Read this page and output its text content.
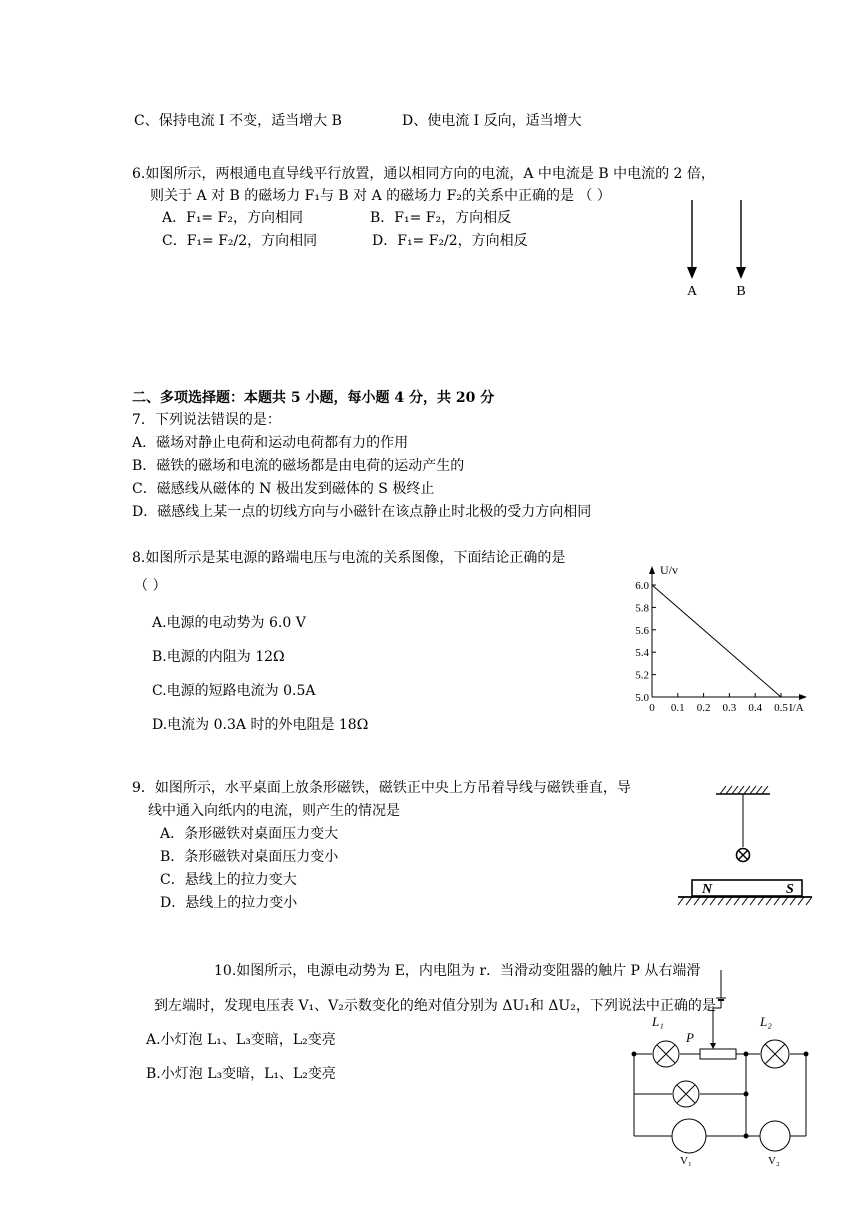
C、保持电流 I 不变，适当增大 B	D、使电流 I 反向，适当增大
6.如图所示，两根通电直导线平行放置，通以相同方向的电流，A 中电流是 B 中电流的 2 倍，
则关于 A 对 B 的磁场力 F₁与 B 对 A 的磁场力 F₂的关系中正确的是 （ ）
A．F₁= F₂，方向相同	B．F₁= F₂，方向相反
C．F₁= F₂/2，方向相同	D．F₁= F₂/2，方向相反
A	B
二、多项选择题：本题共 5 小题，每小题 4 分，共 20 分
7．下列说法错误的是：
A．磁场对静止电荷和运动电荷都有力的作用
B．磁铁的磁场和电流的磁场都是由电荷的运动产生的
C．磁感线从磁体的 N 极出发到磁体的 S 极终止
D．磁感线上某一点的切线方向与小磁针在该点静止时北极的受力方向相同
8.如图所示是某电源的路端电压与电流的关系图像，下面结论正确的是
（ ）
A.电源的电动势为 6.0 V
B.电源的内阻为 12Ω
C.电源的短路电流为 0.5A
D.电流为 0.3A 时的外电阻是 18Ω
5.0
5.2
5.4
5.6
5.8
6.0
0 0.1 0.2 0.3 0.4 0.5
U/v
I/A
9．如图所示，水平桌面上放条形磁铁，磁铁正中央上方吊着导线与磁铁垂直，导
线中通入向纸内的电流，则产生的情况是
A．条形磁铁对桌面压力变大
B．条形磁铁对桌面压力变小
C．悬线上的拉力变大
D．悬线上的拉力变小
N	S
10.如图所示，电源电动势为 E，内电阻为 r．当滑动变阻器的触片 P 从右端滑
到左端时，发现电压表 V₁、V₂示数变化的绝对值分别为 ΔU₁和 ΔU₂，下列说法中正确的是
A.小灯泡 L₁、L₃变暗，L₂变亮
B.小灯泡 L₃变暗，L₁、L₂变亮
L₁	L₂
P
V₁	V₂
